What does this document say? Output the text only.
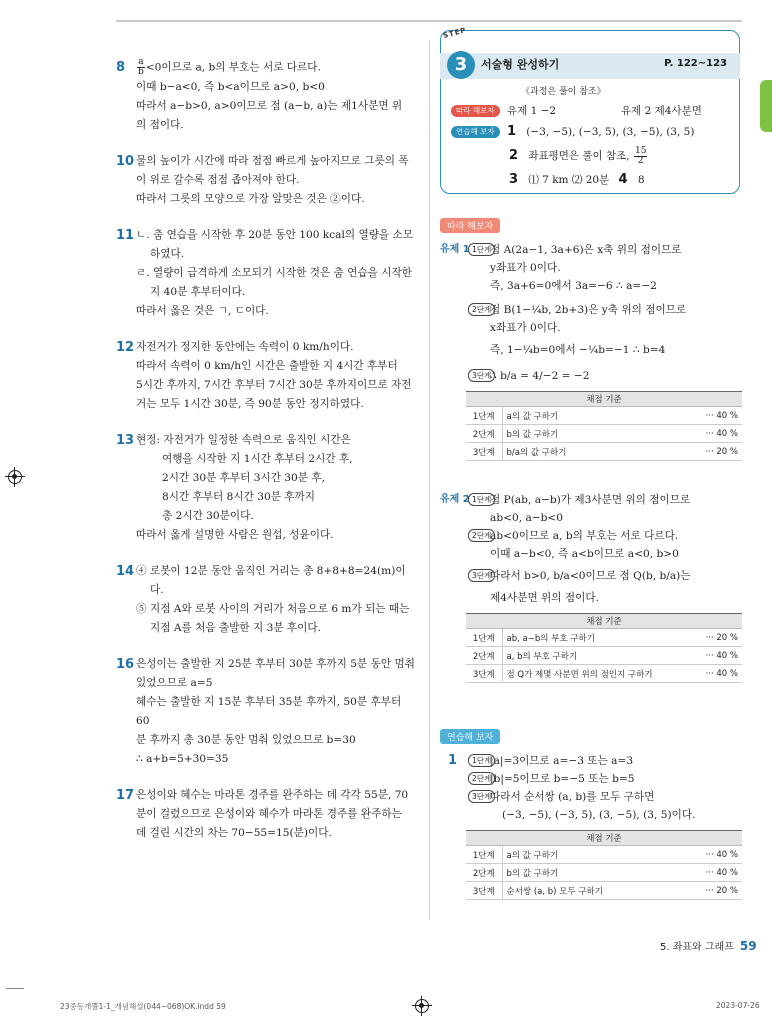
$8 \frac{a}{b} <0$이므로 a, b의 부호는 서로 다르다.
이때 b−a<0, 즉 b<a이므로 a>0, b<0
따라서 a−b>0, a>0이므로 점 (a−b, a)는 제1사분면 위
의 점이다.
10 물의 높이가 시간에 따라 점점 빠르게 높아지므로 그릇의 폭
이 위로 갈수록 점점 좁아져야 한다.
따라서 그릇의 모양으로 가장 알맞은 것은 ②이다.
11 ㄴ. 춤 연습을 시작한 후 20분 동안 100 kcal의 열량을 소모
하였다.
ㄹ. 열량이 급격하게 소모되기 시작한 것은 춤 연습을 시작한
지 40분 후부터이다.
따라서 옳은 것은 ㄱ, ㄷ이다.
12 자전거가 정지한 동안에는 속력이 0 km/h이다.
따라서 속력이 0 km/h인 시간은 출발한 지 4시간 후부터
5시간 후까지, 7시간 후부터 7시간 30분 후까지이므로 자전
거는 모두 1시간 30분, 즉 90분 동안 정지하였다.
13 현정: 자전거가 일정한 속력으로 움직인 시간은
여행을 시작한 지 1시간 후부터 2시간 후,
2시간 30분 후부터 3시간 30분 후,
8시간 후부터 8시간 30분 후까지
총 2시간 30분이다.
따라서 옳게 설명한 사람은 원섭, 성윤이다.
14 ④ 로봇이 12분 동안 움직인 거리는 총 8+8+8=24(m)이
다.
⑤ 지점 A와 로봇 사이의 거리가 처음으로 6 m가 되는 때는
지점 A를 처음 출발한 지 3분 후이다.
16 은성이는 출발한 지 25분 후부터 30분 후까지 5분 동안 멈춰
있었으므로 a=5
혜수는 출발한 지 15분 후부터 35분 후까지, 50분 후부터 60
분 후까지 총 30분 동안 멈춰 있었으므로 b=30
∴ a+b=5+30=35
17 은성이와 혜수는 마라톤 경주를 완주하는 데 각각 55분, 70
분이 걸렸으므로 은성이와 혜수가 마라톤 경주를 완주하는
데 걸린 시간의 차는 70−55=15(분)이다.
STEP
3	서술형 완성하기	P. 122∼123
《과정은 풀이 참조》
따라 해보자 유제 1 −2	유제 2 제4사분면
연습해 보자 1 (−3, −5), (−3, 5), (3, −5), (3, 5)
2 좌표평면은 풀이 참조, $\frac{15}{2}$
3 ⑴ 7 km ⑵ 20분 4 8
따라 해보자
유제 1 1단계
점 A(2a−1, 3a+6)은 x축 위의 점이므로
y좌표가 0이다.
즉, 3a+6=0에서 3a=−6 ∴ a=−2
2단계
점 B(1−¼b, 2b+3)은 y축 위의 점이므로
x좌표가 0이다.
즉, 1−¼b=0에서 −¼b=−1 ∴ b=4
3단계
∴ b/a = 4/−2 = −2
채점 기준		
1단계	a의 값 구하기	··· 40 %
2단계	b의 값 구하기	··· 40 %
3단계	b/a의 값 구하기	··· 20 %
유제 2 1단계
점 P(ab, a−b)가 제3사분면 위의 점이므로
ab<0, a−b<0
2단계
ab<0이므로 a, b의 부호는 서로 다르다.
이때 a−b<0, 즉 a<b이므로 a<0, b>0
3단계
따라서 b>0, b/a<0이므로 점 Q(b, b/a)는
제4사분면 위의 점이다.
채점 기준		
1단계	ab, a−b의 부호 구하기	··· 20 %
2단계	a, b의 부호 구하기	··· 40 %
3단계	점 Q가 제몇 사분면 위의 점인지 구하기	··· 40 %
연습해 보자
1	1단계
|a|=3이므로 a=−3 또는 a=3
2단계
|b|=5이므로 b=−5 또는 b=5
3단계
따라서 순서쌍 (a, b)를 모두 구하면
(−3, −5), (−3, 5), (3, −5), (3, 5)이다.
채점 기준		
1단계	a의 값 구하기	··· 40 %
2단계	b의 값 구하기	··· 40 %
3단계	순서쌍 (a, b) 모두 구하기	··· 20 %
5. 좌표와 그래프 59
23중등개뿔1-1_개념해설(044~068)OK.indd 59	2023-07-26
